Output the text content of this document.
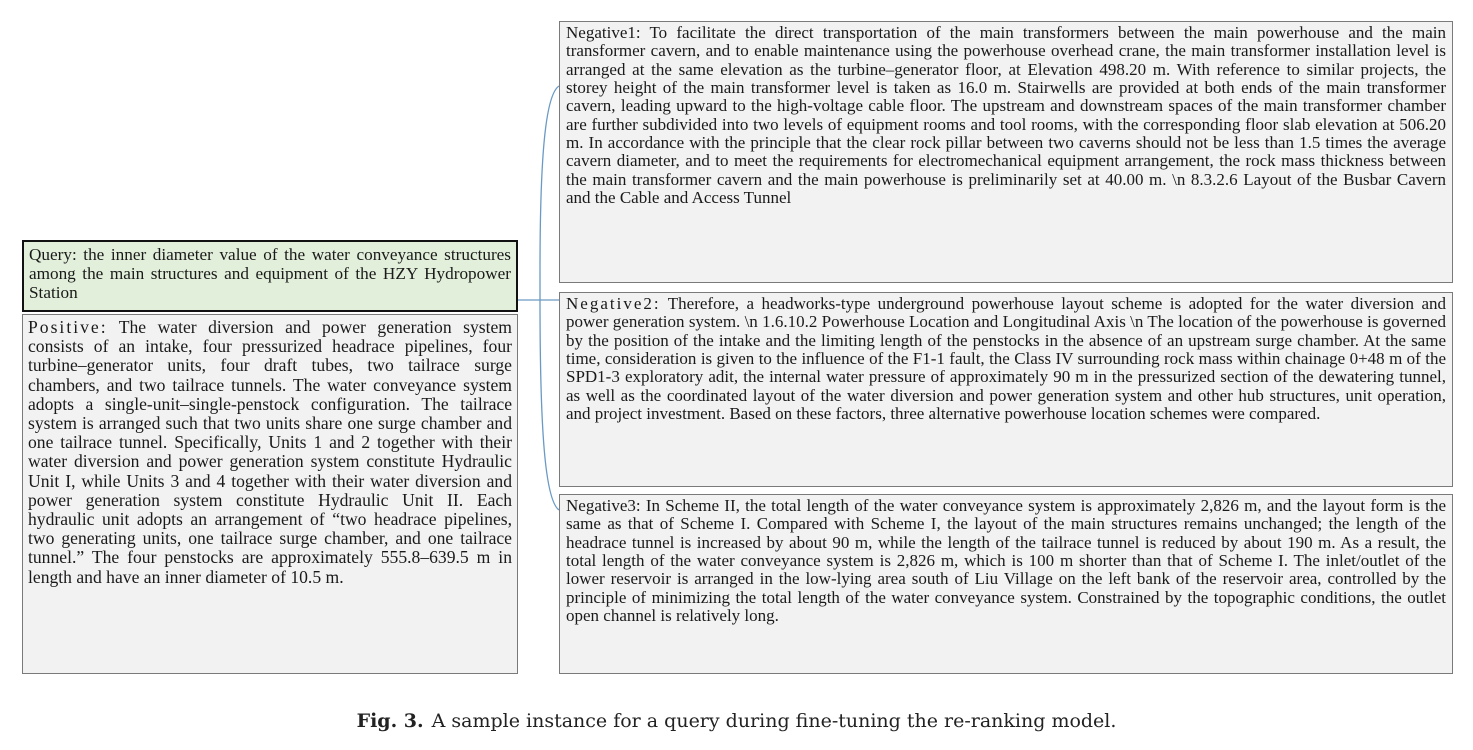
Query: the inner diameter value of the water conveyance structures among the main structures and equipment of the HZY Hydropower Station
Positive: The water diversion and power generation system consists of an intake, four pressurized headrace pipelines, four turbine–generator units, four draft tubes, two tailrace surge chambers, and two tailrace tunnels. The water conveyance system adopts a single-unit–single-penstock configuration. The tailrace system is arranged such that two units share one surge chamber and one tailrace tunnel. Specifically, Units 1 and 2 together with their water diversion and power generation system constitute Hydraulic Unit I, while Units 3 and 4 together with their water diversion and power generation system constitute Hydraulic Unit II. Each hydraulic unit adopts an arrangement of “two headrace pipelines, two generating units, one tailrace surge chamber, and one tailrace tunnel.” The four penstocks are approximately 555.8–639.5 m in length and have an inner diameter of 10.5 m.
Negative1: To facilitate the direct transportation of the main transformers between the main powerhouse and the main transformer cavern, and to enable maintenance using the powerhouse overhead crane, the main transformer installation level is arranged at the same elevation as the turbine–generator floor, at Elevation 498.20 m. With reference to similar projects, the storey height of the main transformer level is taken as 16.0 m. Stairwells are provided at both ends of the main transformer cavern, leading upward to the high-voltage cable floor. The upstream and downstream spaces of the main transformer chamber are further subdivided into two levels of equipment rooms and tool rooms, with the corresponding floor slab elevation at 506.20 m. In accordance with the principle that the clear rock pillar between two caverns should not be less than 1.5 times the average cavern diameter, and to meet the requirements for electromechanical equipment arrangement, the rock mass thickness between the main transformer cavern and the main powerhouse is preliminarily set at 40.00 m. \n 8.3.2.6 Layout of the Busbar Cavern and the Cable and Access Tunnel
Negative2: Therefore, a headworks-type underground powerhouse layout scheme is adopted for the water diversion and power generation system. \n 1.6.10.2 Powerhouse Location and Longitudinal Axis \n The location of the powerhouse is governed by the position of the intake and the limiting length of the penstocks in the absence of an upstream surge chamber. At the same time, consideration is given to the influence of the F1-1 fault, the Class IV surrounding rock mass within chainage 0+48 m of the SPD1-3 exploratory adit, the internal water pressure of approximately 90 m in the pressurized section of the dewatering tunnel, as well as the coordinated layout of the water diversion and power generation system and other hub structures, unit operation, and project investment. Based on these factors, three alternative powerhouse location schemes were compared.
Negative3: In Scheme II, the total length of the water conveyance system is approximately 2,826 m, and the layout form is the same as that of Scheme I. Compared with Scheme I, the layout of the main structures remains unchanged; the length of the headrace tunnel is increased by about 90 m, while the length of the tailrace tunnel is reduced by about 190 m. As a result, the total length of the water conveyance system is 2,826 m, which is 100 m shorter than that of Scheme I. The inlet/outlet of the lower reservoir is arranged in the low-lying area south of Liu Village on the left bank of the reservoir area, controlled by the principle of minimizing the total length of the water conveyance system. Constrained by the topographic conditions, the outlet open channel is relatively long.
Fig. 3. A sample instance for a query during fine-tuning the re-ranking model.
